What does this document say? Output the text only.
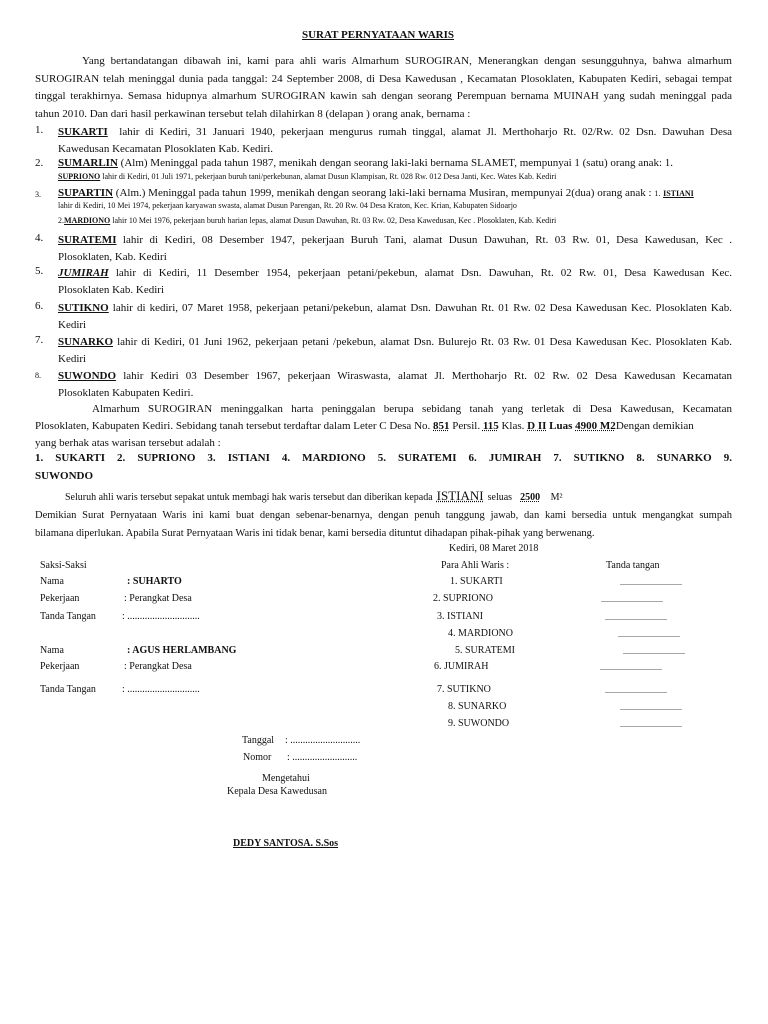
SURAT PERNYATAAN WARIS
Yang bertandatangan dibawah ini, kami para ahli waris Almarhum SUROGIRAN, Menerangkan dengan sesungguhnya, bahwa almarhum
SUROGIRAN telah meninggal dunia pada tanggal: 24 September 2008, di Desa Kawedusan , Kecamatan Plosoklaten, Kabupaten Kediri, sebagai tempat
tinggal terakhirnya. Semasa hidupnya almarhum SUROGIRAN kawin sah dengan seorang Perempuan bernama MUINAH yang sudah meninggal pada
tahun 2010. Dan dari hasil perkawinan tersebut telah dilahirkan 8 (delapan ) orang anak, bernama :
1. SUKARTI lahir di Kediri, 31 Januari 1940, pekerjaan mengurus rumah tinggal, alamat Jl. Merthoharjo Rt. 02/Rw. 02 Dsn. Dawuhan Desa
Kawedusan Kecamatan Plosoklaten Kab. Kediri.
2. SUMARLIN (Alm) Meninggal pada tahun 1987, menikah dengan seorang laki-laki bernama SLAMET, mempunyai 1 (satu) orang anak: 1.
SUPRIONO lahir di Kediri, 01 Juli 1971, pekerjaan buruh tani/perkebunan, alamat Dusun Klampisan, Rt. 028 Rw. 012 Desa Janti, Kec. Wates Kab. Kediri
3. SUPARTIN (Alm.) Meninggal pada tahun 1999, menikah dengan seorang laki-laki bernama Musiran, mempunyai 2(dua) orang anak : 1. ISTIANI
lahir di Kediri, 10 Mei 1974, pekerjaan karyawan swasta, alamat Dusun Parengan, Rt. 20 Rw. 04 Desa Kraton, Kec. Krian, Kabupaten Sidoarjo
2.MARDIONO lahir 10 Mei 1976, pekerjaan buruh harian lepas, alamat Dusun Dawuhan, Rt. 03 Rw. 02, Desa Kawedusan, Kec . Plosoklaten, Kab. Kediri
4. SURATEMI lahir di Kediri, 08 Desember 1947, pekerjaan Buruh Tani, alamat Dusun Dawuhan, Rt. 03 Rw. 01, Desa Kawedusan, Kec .
Plosoklaten, Kab. Kediri
5. JUMIRAH lahir di Kediri, 11 Desember 1954, pekerjaan petani/pekebun, alamat Dsn. Dawuhan, Rt. 02 Rw. 01, Desa Kawedusan Kec.
Plosoklaten Kab. Kediri
6. SUTIKNO lahir di kediri, 07 Maret 1958, pekerjaan petani/pekebun, alamat Dsn. Dawuhan Rt. 01 Rw. 02 Desa Kawedusan Kec. Plosoklaten Kab.
Kediri
7. SUNARKO lahir di Kediri, 01 Juni 1962, pekerjaan petani /pekebun, alamat Dsn. Bulurejo Rt. 03 Rw. 01 Desa Kawedusan Kec. Plosoklaten Kab.
Kediri
8. SUWONDO lahir Kediri 03 Desember 1967, pekerjaan Wiraswasta, alamat Jl. Merthoharjo Rt. 02 Rw. 02 Desa Kawedusan Kecamatan
Plosoklaten Kabupaten Kediri.
Almarhum SUROGIRAN meninggalkan harta peninggalan berupa sebidang tanah yang terletak di Desa Kawedusan, Kecamatan
Plosoklaten, Kabupaten Kediri. Sebidang tanah tersebut terdaftar dalam Leter C Desa No. 851 Persil. 115 Klas. D II Luas 4900 M2Dengan demikian
yang berhak atas warisan tersebut adalah :
1. SUKARTI 2. SUPRIONO 3. ISTIANI 4. MARDIONO 5. SURATEMI 6. JUMIRAH 7. SUTIKNO 8. SUNARKO 9.
SUWONDO
Seluruh ahli waris tersebut sepakat untuk membagi hak waris tersebut dan diberikan kepada ISTIANI seluas 2500 M²
Demikian Surat Pernyataan Waris ini kami buat dengan sebenar-benarnya, dengan penuh tanggung jawab, dan kami bersedia untuk mengangkat sumpah
bilamana diperlukan. Apabila Surat Pernyataan Waris ini tidak benar, kami bersedia dituntut dihadapan pihak-pihak yang berwenang.
Kediri, 08 Maret 2018
Saksi-Saksi
Nama	: SUHARTO
Pekerjaan	: Perangkat Desa
Tanda Tangan	: .............................
Nama	: AGUS HERLAMBANG
Pekerjaan	: Perangkat Desa
Tanda Tangan	: .............................
Para Ahli Waris :	Tanda tangan
1. SUKARTI	...............................
2. SUPRIONO	...............................
3. ISTIANI	...............................
4. MARDIONO	...............................
5. SURATEMI	...............................
6. JUMIRAH	...............................
7. SUTIKNO	...............................
8. SUNARKO	...............................
9. SUWONDO	...............................
Tanggal : ............................
Nomor : ..........................
Mengetahui
Kepala Desa Kawedusan
DEDY SANTOSA. S.Sos
